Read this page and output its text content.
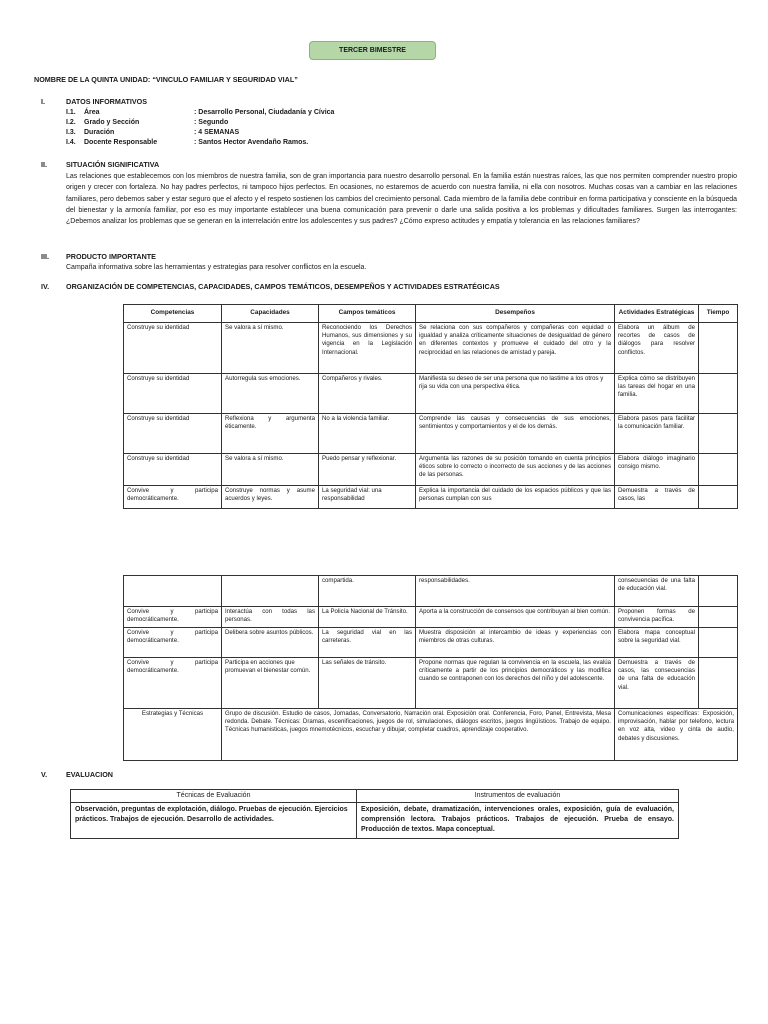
TERCER BIMESTRE
NOMBRE DE LA QUINTA UNIDAD: “VINCULO FAMILIAR Y SEGURIDAD VIAL”
I.	DATOS INFORMATIVOS
I.1. Área	: Desarrollo Personal, Ciudadanía y Cívica
I.2. Grado y Sección	: Segundo
I.3. Duración	: 4 SEMANAS
I.4. Docente Responsable	: Santos Hector Avendaño Ramos.
II.	SITUACIÓN SIGNIFICATIVA
Las relaciones que establecemos con los miembros de nuestra familia, son de gran importancia para nuestro desarrollo personal. En la familia están nuestras raíces, las que nos permiten comprender nuestro propio origen y crecer con fortaleza. No hay padres perfectos, ni tampoco hijos perfectos. En ocasiones, no estaremos de acuerdo con nuestra familia, ni ella con nosotros. Muchas cosas van a cambiar en las relaciones familiares, pero debemos saber y estar seguro que el afecto y el respeto sostienen los cambios del crecimiento personal. Cada miembro de la familia debe contribuir en forma participativa y consciente en la búsqueda del bienestar y la armonía familiar, por eso es muy importante establecer una buena comunicación para prevenir o darle una salida positiva a los problemas y dificultades familiares. Surgen las interrogantes: ¿Debemos analizar los problemas que se generan en la interrelación entre los adolescentes y sus padres? ¿Cómo expreso actitudes y empatía y tolerancia en las relaciones familiares?
III.	PRODUCTO IMPORTANTE
Campaña informativa sobre las herramientas y estrategias para resolver conflictos en la escuela.
IV.	ORGANIZACIÓN DE COMPETENCIAS, CAPACIDADES, CAMPOS TEMÁTICOS, DESEMPEÑOS Y ACTIVIDADES ESTRATÉGICAS
Competencias	Capacidades	Campos temáticos	Desempeños	Actividades Estratégicas	Tiempo
Construye su identidad	Se valora a sí mismo.	Reconociendo los Derechos Humanos, sus dimensiones y su vigencia en la Legislación Internacional.	Se relaciona con sus compañeros y compañeras con equidad o igualdad y analiza críticamente situaciones de desigualdad de género en diferentes contextos y promueve el cuidado del otro y la reciprocidad en las relaciones de amistad y pareja.	Elabora un álbum de recortes de casos de diálogos para resolver conflictos.	
Construye su identidad	Autorregula sus emociones.	Compañeros y rivales.	Manifiesta su deseo de ser una persona que no lastime a los otros y rija su vida con una perspectiva ética.	Explica cómo se distribuyen las tareas del hogar en una familia.	
Construye su identidad	Reflexiona y argumenta éticamente.	No a la violencia familiar.	Comprende las causas y consecuencias de sus emociones, sentimientos y comportamientos y el de los demás.	Elabora pasos para facilitar la comunicación familiar.	
Construye su identidad	Se valora a sí mismo.	Puedo pensar y reflexionar.	Argumenta las razones de su posición tomando en cuenta principios éticos sobre lo correcto o incorrecto de sus acciones y de las acciones de las personas.	Elabora diálogo imaginario consigo mismo.	
Convive y participa democráticamente.	Construye normas y asume acuerdos y leyes.	La seguridad vial: una responsabilidad	Explica la importancia del cuidado de los espacios públicos y que las personas cumplan con sus	Demuestra a través de casos, las	
		compartida.	responsabilidades.	consecuencias de una falta de educación vial.	
Convive y participa democráticamente.	Interactúa con todas las personas.	La Policía Nacional de Tránsito.	Aporta a la construcción de consensos que contribuyan al bien común.	Proponen formas de convivencia pacífica.	
Convive y participa democráticamente.	Delibera sobre asuntos públicos.	La seguridad vial en las carreteras.	Muestra disposición al intercambio de ideas y experiencias con miembros de otras culturas.	Elabora mapa conceptual sobre la seguridad vial.	
Convive y participa democráticamente.	Participa en acciones que promuevan el bienestar común.	Las señales de tránsito.	Propone normas que regulan la convivencia en la escuela, las evalúa críticamente a partir de los principios democráticos y las modifica cuando se contraponen con los derechos del niño y del adolescente.	Demuestra a través de casos, las consecuencias de una falta de educación vial.	
Estrategias y Técnicas	Grupo de discusión. Estudio de casos, Jornadas, Conversatorio, Narración oral. Exposición oral. Conferencia, Foro, Panel, Entrevista, Mesa redonda. Debate. Técnicas: Dramas, escenificaciones, juegos de rol, simulaciones, diálogos escritos, juegos lingüísticos. Trabajo de equipo. Técnicas humanisticas, juegos mnemotécnicos, escuchar y dibujar, completar cuadros, aprendizaje cooperativo.			Comunicaciones específicas: Exposición, improvisación, hablar por telefono, lectura en voz alta, video y cinta de audio, debates y discusiones.	
V.	EVALUACION
Técnicas de Evaluación	Instrumentos de evaluación
Observación, preguntas de explotación, diálogo. Pruebas de ejecución. Ejercicios prácticos. Trabajos de ejecución. Desarrollo de actividades.	Exposición, debate, dramatización, intervenciones orales, exposición, guía de evaluación, comprensión lectora. Trabajos prácticos. Trabajos de ejecución. Prueba de ensayo. Producción de textos. Mapa conceptual.
